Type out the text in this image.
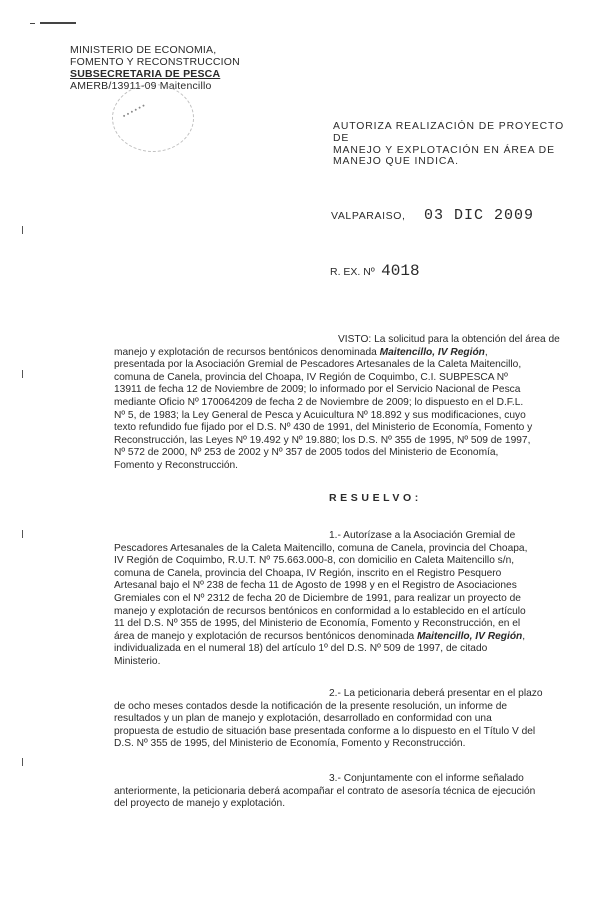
MINISTERIO DE ECONOMIA,
FOMENTO Y RECONSTRUCCION
SUBSECRETARIA DE PESCA
AMERB/13911-09 Maitencillo
• • • • • •
AUTORIZA REALIZACIÓN DE PROYECTO DE
MANEJO Y EXPLOTACIÓN EN ÁREA DE
MANEJO QUE INDICA.
VALPARAISO, 03 DIC 2009
R. EX. Nº 4018
VISTO: La solicitud para la obtención del área de
manejo y explotación de recursos bentónicos denominada Maitencillo, IV Región,
presentada por la Asociación Gremial de Pescadores Artesanales de la Caleta Maitencillo,
comuna de Canela, provincia del Choapa, IV Región de Coquimbo, C.I. SUBPESCA Nº
13911 de fecha 12 de Noviembre de 2009; lo informado por el Servicio Nacional de Pesca
mediante Oficio Nº 170064209 de fecha 2 de Noviembre de 2009; lo dispuesto en el D.F.L.
Nº 5, de 1983; la Ley General de Pesca y Acuicultura Nº 18.892 y sus modificaciones, cuyo
texto refundido fue fijado por el D.S. Nº 430 de 1991, del Ministerio de Economía, Fomento y
Reconstrucción, las Leyes Nº 19.492 y Nº 19.880; los D.S. Nº 355 de 1995, Nº 509 de 1997,
Nº 572 de 2000, Nº 253 de 2002 y Nº 357 de 2005 todos del Ministerio de Economía,
Fomento y Reconstrucción.
RESUELVO:
1.- Autorízase a la Asociación Gremial de
Pescadores Artesanales de la Caleta Maitencillo, comuna de Canela, provincia del Choapa,
IV Región de Coquimbo, R.U.T. Nº 75.663.000-8, con domicilio en Caleta Maitencillo s/n,
comuna de Canela, provincia del Choapa, IV Región, inscrito en el Registro Pesquero
Artesanal bajo el Nº 238 de fecha 11 de Agosto de 1998 y en el Registro de Asociaciones
Gremiales con el Nº 2312 de fecha 20 de Diciembre de 1991, para realizar un proyecto de
manejo y explotación de recursos bentónicos en conformidad a lo establecido en el artículo
11 del D.S. Nº 355 de 1995, del Ministerio de Economía, Fomento y Reconstrucción, en el
área de manejo y explotación de recursos bentónicos denominada Maitencillo, IV Región,
individualizada en el numeral 18) del artículo 1º del D.S. Nº 509 de 1997, de citado
Ministerio.
2.- La peticionaria deberá presentar en el plazo
de ocho meses contados desde la notificación de la presente resolución, un informe de
resultados y un plan de manejo y explotación, desarrollado en conformidad con una
propuesta de estudio de situación base presentada conforme a lo dispuesto en el Título V del
D.S. Nº 355 de 1995, del Ministerio de Economía, Fomento y Reconstrucción.
3.- Conjuntamente con el informe señalado
anteriormente, la peticionaria deberá acompañar el contrato de asesoría técnica de ejecución
del proyecto de manejo y explotación.
